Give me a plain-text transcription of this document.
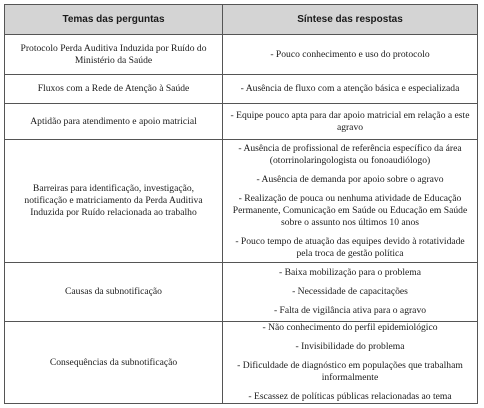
Temas das perguntas	Síntese das respostas
Protocolo Perda Auditiva Induzida por Ruído do Ministério da Saúde
- Pouco conhecimento e uso do protocolo
Fluxos com a Rede de Atenção à Saúde	- Ausência de fluxo com a atenção básica e especializada
Aptidão para atendimento e apoio matricial
- Equipe pouco apta para dar apoio matricial em relação a este agravo
Barreiras para identificação, investigação, notificação e matriciamento da Perda Auditiva Induzida por Ruído relacionada ao trabalho
- Ausência de profissional de referência específico da área (otorrinolaringologista ou fonoaudiólogo)
- Ausência de demanda por apoio sobre o agravo
- Realização de pouca ou nenhuma atividade de Educação Permanente, Comunicação em Saúde ou Educação em Saúde sobre o assunto nos últimos 10 anos
- Pouco tempo de atuação das equipes devido à rotatividade pela troca de gestão política
Causas da subnotificação
- Baixa mobilização para o problema
- Necessidade de capacitações
- Falta de vigilância ativa para o agravo
Consequências da subnotificação
- Não conhecimento do perfil epidemiológico
- Invisibilidade do problema
- Dificuldade de diagnóstico em populações que trabalham informalmente
- Escassez de políticas públicas relacionadas ao tema
